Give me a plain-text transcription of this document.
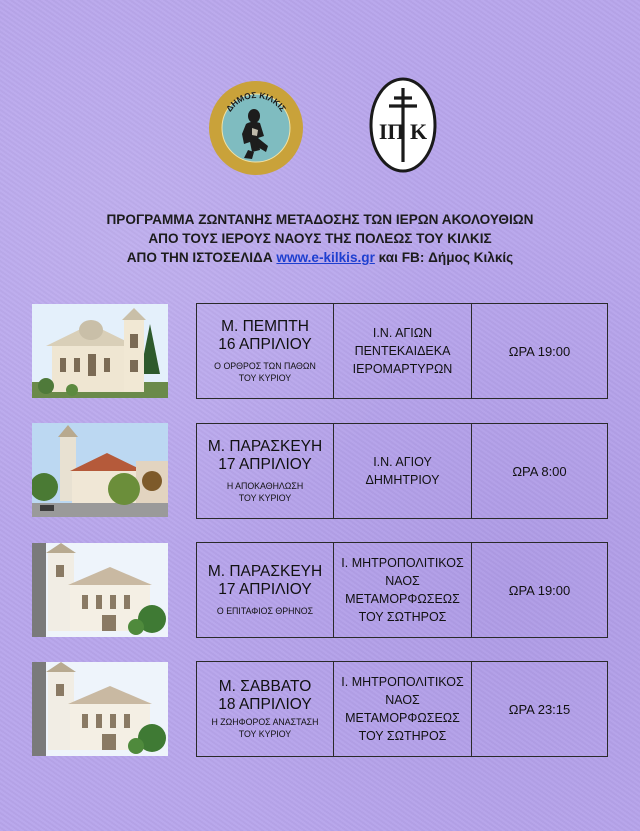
ΔΗΜΟΣ ΚΙΛΚΙΣ
ΙΠ Κ
ΠΡΟΓΡΑΜΜΑ ΖΩΝΤΑΝΗΣ ΜΕΤΑΔΟΣΗΣ ΤΩΝ ΙΕΡΩΝ ΑΚΟΛΟΥΘΙΩΝ
ΑΠΟ ΤΟΥΣ ΙΕΡΟΥΣ ΝΑΟΥΣ ΤΗΣ ΠΟΛΕΩΣ ΤΟΥ ΚΙΛΚΙΣ
ΑΠΟ ΤΗΝ ΙΣΤΟΣΕΛΙΔΑ www.e-kilkis.gr και FB: Δήμος Κιλκίς
Μ. ΠΕΜΠΤΗ
16 ΑΠΡΙΛΙΟΥ
Ο ΟΡΘΡΟΣ ΤΩΝ ΠΑΘΩΝ
ΤΟΥ ΚΥΡΙΟΥ
Ι.Ν. ΑΓΙΩΝ
ΠΕΝΤΕΚΑΙΔΕΚΑ
ΙΕΡΟΜΑΡΤΥΡΩΝ
ΩΡΑ 19:00
Μ. ΠΑΡΑΣΚΕΥΗ
17 ΑΠΡΙΛΙΟΥ
Η ΑΠΟΚΑΘΗΛΩΣΗ
ΤΟΥ ΚΥΡΙΟΥ
Ι.Ν. ΑΓΙΟΥ
ΔΗΜΗΤΡΙΟΥ
ΩΡΑ 8:00
Μ. ΠΑΡΑΣΚΕΥΗ
17 ΑΠΡΙΛΙΟΥ
Ο ΕΠΙΤΑΦΙΟΣ ΘΡΗΝΟΣ
Ι. ΜΗΤΡΟΠΟΛΙΤΙΚΟΣ
ΝΑΟΣ
ΜΕΤΑΜΟΡΦΩΣΕΩΣ
ΤΟΥ ΣΩΤΗΡΟΣ
ΩΡΑ 19:00
Μ. ΣΑΒΒΑΤΟ
18 ΑΠΡΙΛΙΟΥ
Η ΖΩΗΦΟΡΟΣ ΑΝΑΣΤΑΣΗ
ΤΟΥ ΚΥΡΙΟΥ
Ι. ΜΗΤΡΟΠΟΛΙΤΙΚΟΣ
ΝΑΟΣ
ΜΕΤΑΜΟΡΦΩΣΕΩΣ
ΤΟΥ ΣΩΤΗΡΟΣ
ΩΡΑ 23:15
